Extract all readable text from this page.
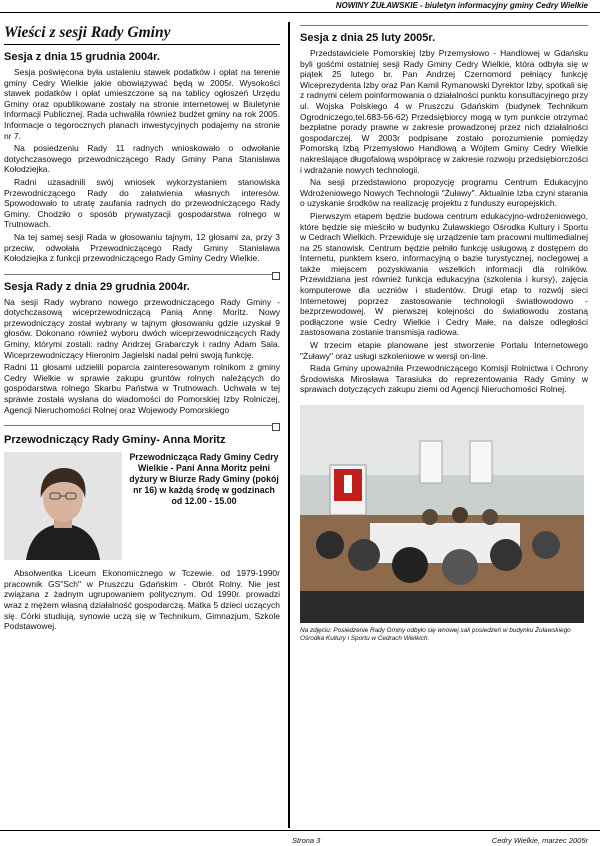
NOWINY ŻUŁAWSKIE - biuletyn informacyjny gminy Cedry Wielkie
Wieści z sesji Rady Gminy
Sesja z dnia 15 grudnia 2004r.

Sesja poświęcona była ustaleniu stawek podatków i opłat na terenie gminy Cedry Wielkie jakie obowiązywać będą w 2005r. Wysokości stawek podatków i opłat umieszczone są na tablicy ogłoszeń Urzędu Gminy oraz opublikowane zostały na stronie internetowej w Biuletynie Informacji Publicznej. Rada uchwaliła również budżet gminy na rok 2005. Informacje o tegorocznych planach inwestycyjnych podajemy na stronie nr 7.

Na posiedzeniu Rady 11 radnych wnioskowało o odwołanie dotychczasowego przewodniczącego Rady Gminy Pana Stanisława Kołodziejka.

Radni uzasadnili swój wniosek wykorzystaniem stanowiska Przewodniczącego Rady do załatwienia własnych interesów. Spowodowało to utratę zaufania radnych do przewodniczącego Rady Gminy. Chodziło o sposób prywatyzacji gospodarstwa rolnego w Trutnowach.

Na tej samej sesji Rada w głosowaniu tajnym, 12 głosami za, przy 3 przeciw, odwołała Przewodniczącego Rady Gminy Stanisława Kołodziejka z funkcji przewodniczącego Rady Gminy Cedry Wielkie.

Sesja Rady z dnia 29 grudnia 2004r.

Na sesji Rady wybrano nowego przewodniczącego Rady Gminy - dotychczasową wiceprzewodniczącą Panią Annę Moritz. Nowy przewodniczący został wybrany w tajnym głosowaniu gdzie uzyskał 9 głosów. Dokonano również wyboru dwóch wiceprzewodniczących Rady Gminy, którymi zostali: radny Andrzej Grabarczyk i radny Adam Sala. Wiceprzewodniczący Hieronim Jagielski nadal pełni swoją funkcję.

Radni 11 głosami udzielili poparcia zainteresowanym rolnikom z gminy Cedry Wielkie w sprawie zakupu gruntów rolnych należących do gospodarstwa rolnego Skarbu Państwa w Trutnowach. Uchwała w tej sprawie została wysłana do wiadomości do Pomorskiej Izby Rolniczej, Agencji Nieruchomości Rolnej oraz Wojewody Pomorskiego

Przewodniczący Rady Gminy- Anna Moritz

Przewodnicząca Rady Gminy Cedry Wielkie - Pani Anna Moritz pełni dyżury w Biurze Rady Gminy (pokój nr 16) w każdą środę w godzinach od 12.00 - 15.00

Absolwentka Liceum Ekonomicznego w Tczewie. od 1979-1990r pracownik GS"Sch" w Pruszczu Gdańskim - Obrót Rolny. Nie jest związana z żadnym ugrupowaniem politycznym. Od 1990r. prowadzi wraz z mężem własną działalność gospodarczą. Matka 5 dzieci uczących się. Córki studiują, synowie uczą się w Technikum, Gimnazjum, Szkole Podstawowej.

Sesja z dnia 25 luty 2005r.

Przedstawiciele Pomorskiej Izby Przemysłowo - Handlowej w Gdańsku byli gośćmi ostatniej sesji Rady Gminy Cedry Wielkie, która odbyła się w piątek 25 lutego br. Pan Andrzej Czernomord pełniący funkcję Wiceprezydenta Izby oraz Pan Kamil Rymanowski Dyrektor Izby, spotkali się z radnymi celem poinformowania o działalności punktu konsultacyjnego przy ul. Wojska Polskiego 4 w Pruszczu Gdańskim (budynek Technikum Ogrodniczego,tel.683-56-62) Przedsiębiorcy mogą w tym punkcie otrzymać bezpłatne porady prawne w zakresie prowadzonej przez nich działalności gospodarczej. W 2003r podpisane zostało porozumienie pomiędzy Pomorską Izbą Przemysłowo Handlową a Wójtem Gminy Cedry Wielkie nakreślające długofalową współpracę w zakresie rozwoju przedsiębiorczości i wdrażanie nowych technologii.

Na sesji przedstawiono propozycję programu Centrum Edukacyjno Wdrożeniowego Nowych Technologii "Żuławy". Aktualnie Izba czyni starania o uzyskanie środków na realizację projektu z funduszy europejskich.

Pierwszym etapem będzie budowa centrum edukacyjno-wdrożeniowego, które będzie się mieściło w budynku Żuławskiego Ośrodka Kultury i Sportu w Cedrach Wielkich. Przewiduje się urządzenie tam pracowni multimedialnej na 25 stanowisk. Centrum będzie pełniło funkcję usługową z dostępem do Internetu, punktem ksero, informacyjną o bazie turystycznej, noclegowej a także miejscem pozyskiwania wszelkich informacji dla rolników. Przewidziana jest również funkcja edukacyjna (szkolenia i kursy), zajęcia komputerowe dla uczniów i studentów. Drugi etap to rozwój sieci Internetowej poprzez zastosowanie technologii światłowodowo - bezprzewodowej. W pierwszej kolejności do światłowodu zostaną podłączone wsie Cedry Wielkie i Cedry Małe, na dalsze odległości zastosowana zostanie transmisja radiowa.

W trzecim etapie planowane jest stworzenie Portalu Internetowego "Żuławy" oraz usługi szkoleniowe w wersji on-line.

Rada Gminy upoważniła Przewodniczącego Komisji Rolnictwa i Ochrony Środowiska Mirosława Tarasiuka do reprezentowania Rady Gminy w sprawach dotyczących zakupu ziemi od Agencji Nieruchomości Rolnej.

Na zdjęciu: Posiedzenie Rady Gminy odbyło się wnowej sali posiedzeń w budynku Żuławskiego Ośrodka Kultury i Sportu w Cedrach Wielkich.
Strona 3	Cedry Wielkie, marzec 2005r
